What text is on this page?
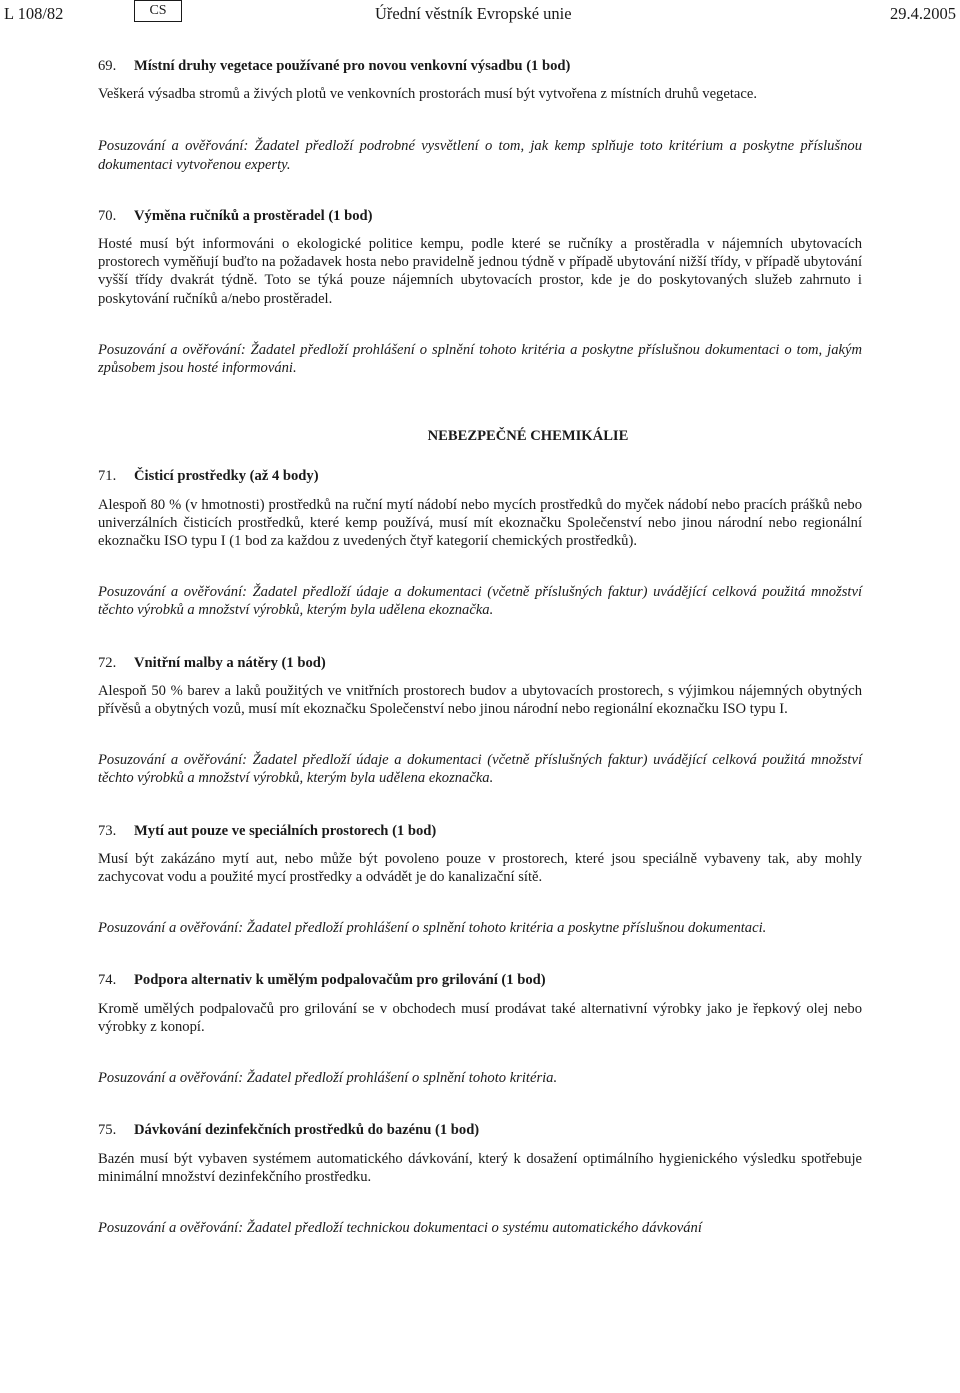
L 108/82	CS	Úřední věstník Evropské unie	29.4.2005

69. Místní druhy vegetace používané pro novou venkovní výsadbu (1 bod)

Veškerá výsadba stromů a živých plotů ve venkovních prostorách musí být vytvořena z místních druhů vegetace.

Posuzování a ověřování: Žadatel předloží podrobné vysvětlení o tom, jak kemp splňuje toto kritérium a poskytne příslušnou dokumentaci vytvořenou experty.

70. Výměna ručníků a prostěradel (1 bod)

Hosté musí být informováni o ekologické politice kempu, podle které se ručníky a prostěradla v nájemních ubytovacích prostorech vyměňují buďto na požadavek hosta nebo pravidelně jednou týdně v případě ubytování nižší třídy, v případě ubytování vyšší třídy dvakrát týdně. Toto se týká pouze nájemních ubytovacích prostor, kde je do poskytovaných služeb zahrnuto i poskytování ručníků a/nebo prostěradel.

Posuzování a ověřování: Žadatel předloží prohlášení o splnění tohoto kritéria a poskytne příslušnou dokumentaci o tom, jakým způsobem jsou hosté informováni.

NEBEZPEČNÉ CHEMIKÁLIE

71. Čisticí prostředky (až 4 body)

Alespoň 80 % (v hmotnosti) prostředků na ruční mytí nádobí nebo mycích prostředků do myček nádobí nebo pracích prášků nebo univerzálních čisticích prostředků, které kemp používá, musí mít ekoznačku Společenství nebo jinou národní nebo regionální ekoznačku ISO typu I (1 bod za každou z uvedených čtyř kategorií chemických prostředků).

Posuzování a ověřování: Žadatel předloží údaje a dokumentaci (včetně příslušných faktur) uvádějící celková použitá množství těchto výrobků a množství výrobků, kterým byla udělena ekoznačka.

72. Vnitřní malby a nátěry (1 bod)

Alespoň 50 % barev a laků použitých ve vnitřních prostorech budov a ubytovacích prostorech, s výjimkou nájemných obytných přívěsů a obytných vozů, musí mít ekoznačku Společenství nebo jinou národní nebo regionální ekoznačku ISO typu I.

Posuzování a ověřování: Žadatel předloží údaje a dokumentaci (včetně příslušných faktur) uvádějící celková použitá množství těchto výrobků a množství výrobků, kterým byla udělena ekoznačka.

73. Mytí aut pouze ve speciálních prostorech (1 bod)

Musí být zakázáno mytí aut, nebo může být povoleno pouze v prostorech, které jsou speciálně vybaveny tak, aby mohly zachycovat vodu a použité mycí prostředky a odvádět je do kanalizační sítě.

Posuzování a ověřování: Žadatel předloží prohlášení o splnění tohoto kritéria a poskytne příslušnou dokumentaci.

74. Podpora alternativ k umělým podpalovačům pro grilování (1 bod)

Kromě umělých podpalovačů pro grilování se v obchodech musí prodávat také alternativní výrobky jako je řepkový olej nebo výrobky z konopí.

Posuzování a ověřování: Žadatel předloží prohlášení o splnění tohoto kritéria.

75. Dávkování dezinfekčních prostředků do bazénu (1 bod)

Bazén musí být vybaven systémem automatického dávkování, který k dosažení optimálního hygienického výsledku spotřebuje minimální množství dezinfekčního prostředku.

Posuzování a ověřování: Žadatel předloží technickou dokumentaci o systému automatického dávkování
